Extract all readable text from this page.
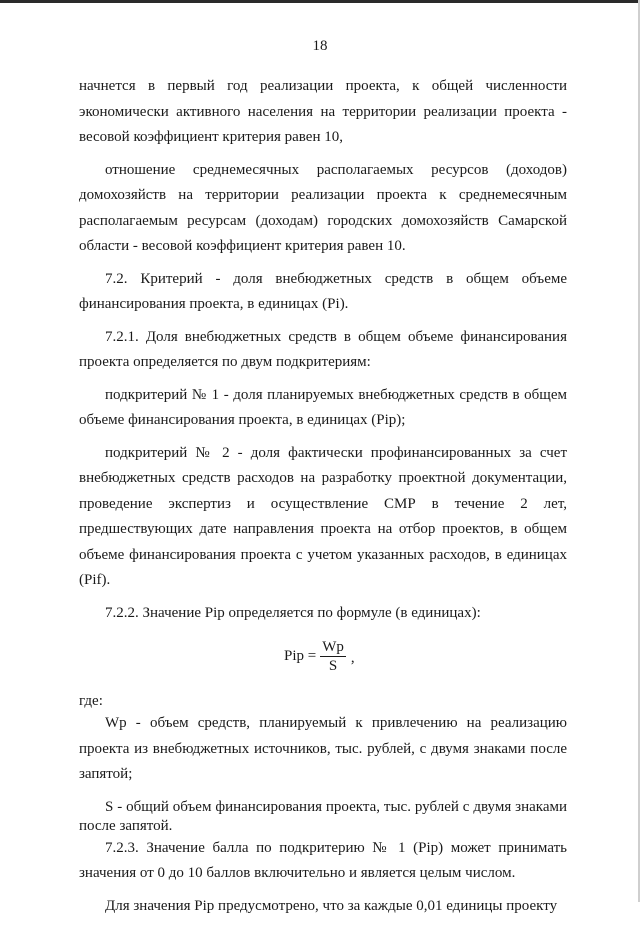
18

начнется в первый год реализации проекта, к общей численности экономически активного населения на территории реализации проекта - весовой коэффициент критерия равен 10,

отношение среднемесячных располагаемых ресурсов (доходов) домохозяйств на территории реализации проекта к среднемесячным располагаемым ресурсам (доходам) городских домохозяйств Самарской области - весовой коэффициент критерия равен 10.

7.2. Критерий - доля внебюджетных средств в общем объеме финансирования проекта, в единицах (Pi).

7.2.1. Доля внебюджетных средств в общем объеме финансирования проекта определяется по двум подкритериям:

подкритерий № 1 - доля планируемых внебюджетных средств в общем объеме финансирования проекта, в единицах (Pip);

подкритерий № 2 - доля фактически профинансированных за счет внебюджетных средств расходов на разработку проектной документации, проведение экспертиз и осуществление СМР в течение 2 лет, предшествующих дате направления проекта на отбор проектов, в общем объеме финансирования проекта с учетом указанных расходов, в единицах (Pif).

7.2.2. Значение Pip определяется по формуле (в единицах):

Pip = $\frac{Wp}{S}$ ,

где:

Wp - объем средств, планируемый к привлечению на реализацию проекта из внебюджетных источников, тыс. рублей, с двумя знаками после запятой;

S - общий объем финансирования проекта, тыс. рублей с двумя знаками после запятой.

7.2.3. Значение балла по подкритерию № 1 (Pip) может принимать значения от 0 до 10 баллов включительно и является целым числом.

Для значения Pip предусмотрено, что за каждые 0,01 единицы проекту
